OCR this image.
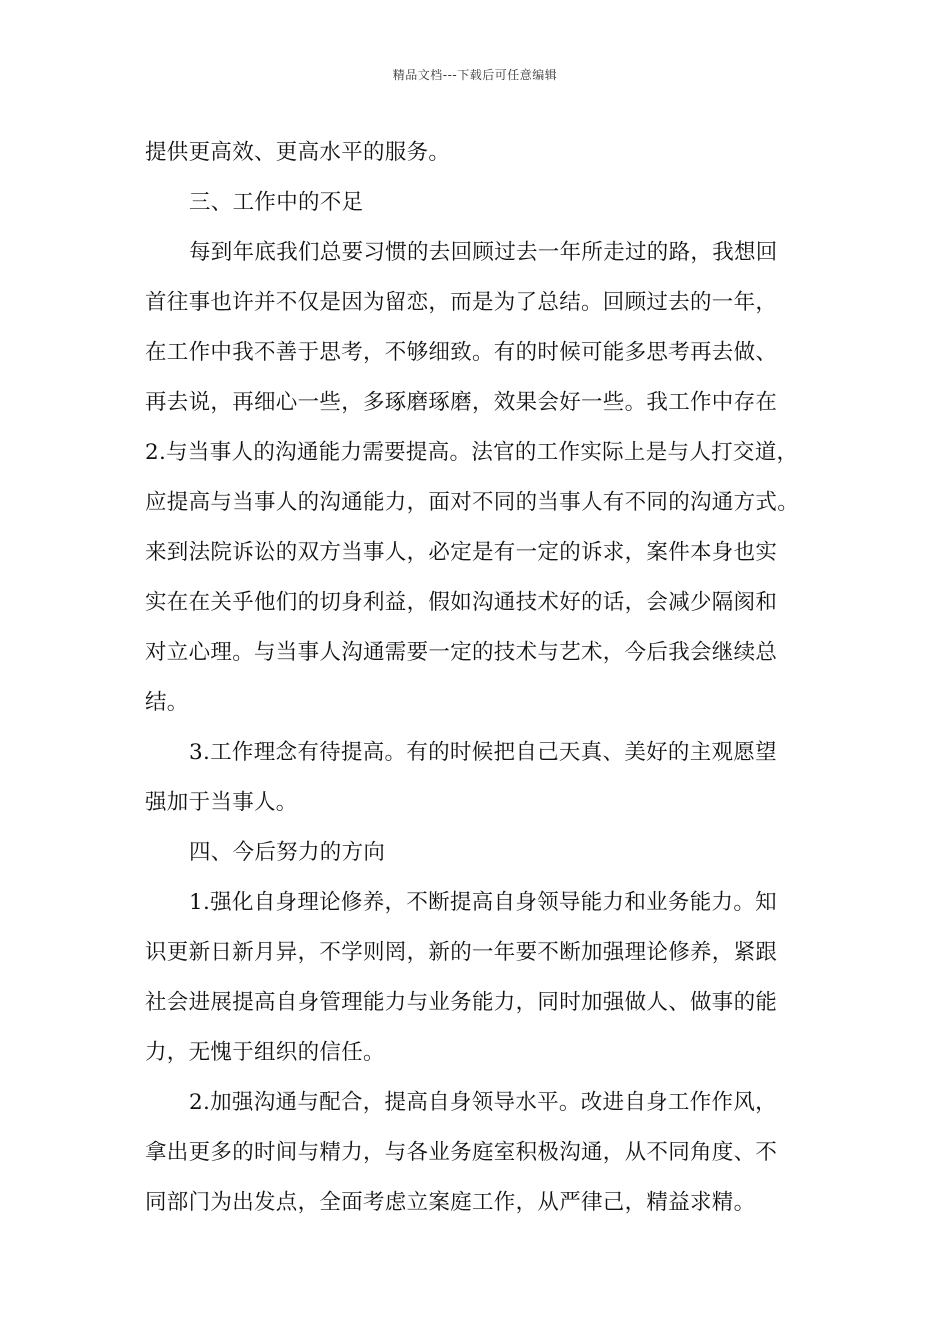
精品文档---下载后可任意编辑
提供更高效、更高水平的服务。
三、工作中的不足
每到年底我们总要习惯的去回顾过去一年所走过的路，我想回
首往事也许并不仅是因为留恋，而是为了总结。回顾过去的一年，
在工作中我不善于思考，不够细致。有的时候可能多思考再去做、
再去说，再细心一些，多琢磨琢磨，效果会好一些。我工作中存在
2.与当事人的沟通能力需要提高。法官的工作实际上是与人打交道，
应提高与当事人的沟通能力，面对不同的当事人有不同的沟通方式。
来到法院诉讼的双方当事人，必定是有一定的诉求，案件本身也实
实在在关乎他们的切身利益，假如沟通技术好的话，会减少隔阂和
对立心理。与当事人沟通需要一定的技术与艺术，今后我会继续总
结。
3.工作理念有待提高。有的时候把自己天真、美好的主观愿望
强加于当事人。
四、今后努力的方向
1.强化自身理论修养，不断提高自身领导能力和业务能力。知
识更新日新月异，不学则罔，新的一年要不断加强理论修养，紧跟
社会进展提高自身管理能力与业务能力，同时加强做人、做事的能
力，无愧于组织的信任。
2.加强沟通与配合，提高自身领导水平。改进自身工作作风，
拿出更多的时间与精力，与各业务庭室积极沟通，从不同角度、不
同部门为出发点，全面考虑立案庭工作，从严律己，精益求精。
